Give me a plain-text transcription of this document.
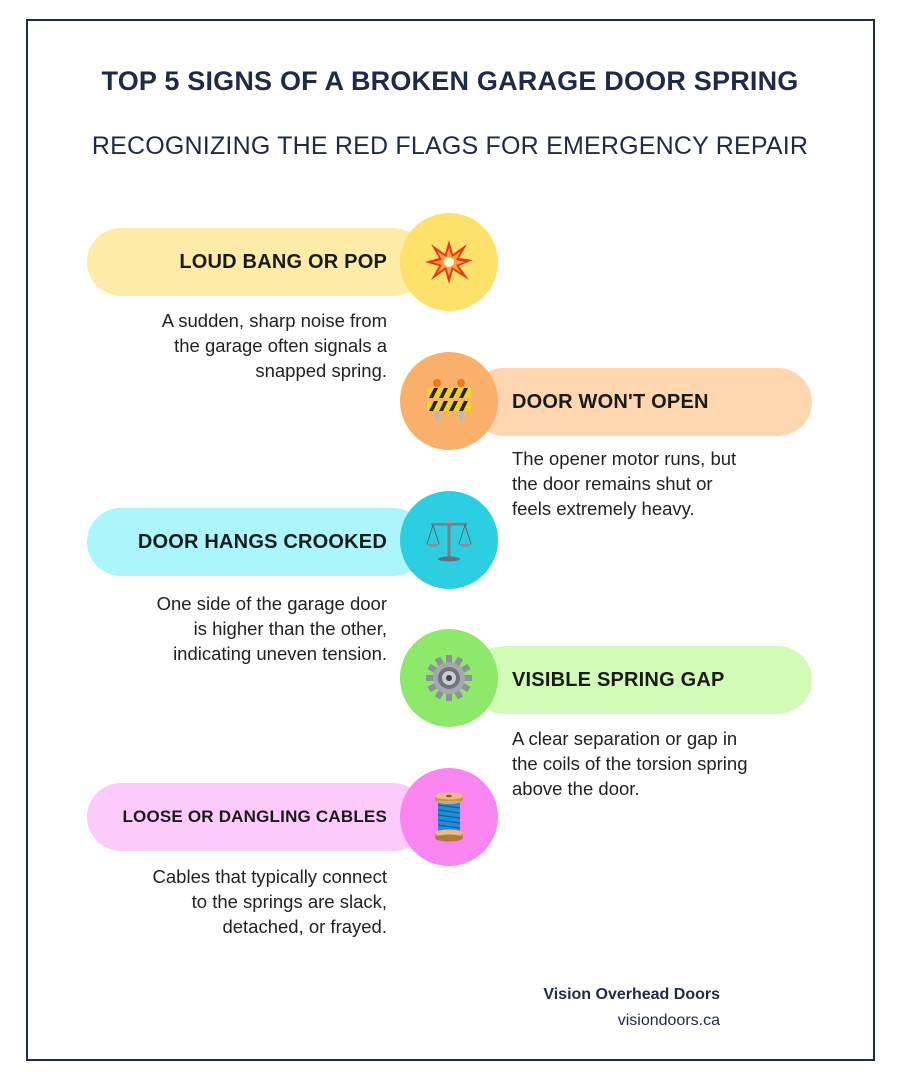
TOP 5 SIGNS OF A BROKEN GARAGE DOOR SPRING
RECOGNIZING THE RED FLAGS FOR EMERGENCY REPAIR
LOUD BANG OR POP
A sudden, sharp noise from
the garage often signals a
snapped spring.
DOOR WON'T OPEN
The opener motor runs, but
the door remains shut or
feels extremely heavy.
DOOR HANGS CROOKED
One side of the garage door
is higher than the other,
indicating uneven tension.
VISIBLE SPRING GAP
A clear separation or gap in
the coils of the torsion spring
above the door.
LOOSE OR DANGLING CABLES
Cables that typically connect
to the springs are slack,
detached, or frayed.
Vision Overhead Doors
visiondoors.ca
